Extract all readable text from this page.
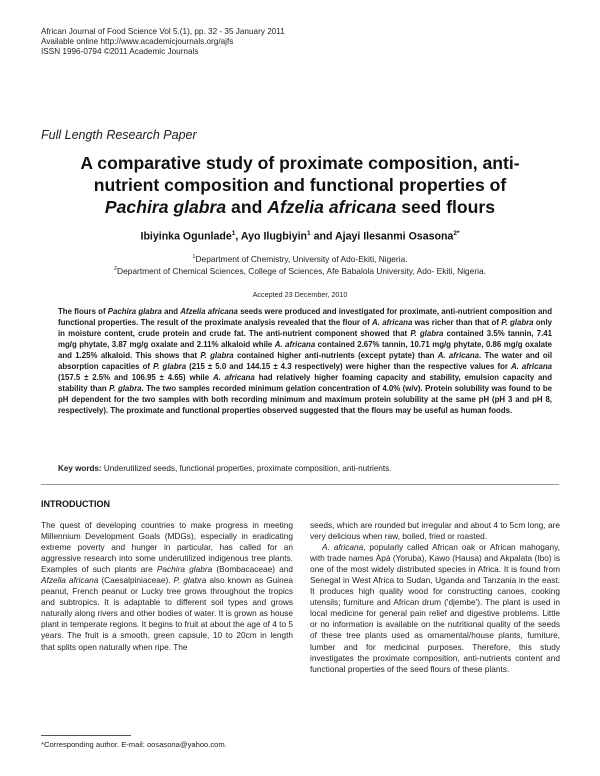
African Journal of Food Science Vol 5.(1), pp. 32 - 35 January 2011
Available online http://www.academicjournals.org/ajfs
ISSN 1996-0794 ©2011 Academic Journals
Full Length Research Paper
A comparative study of proximate composition, anti-
nutrient composition and functional properties of
Pachira glabra and Afzelia africana seed flours
Ibiyinka Ogunlade$^1$, Ayo Ilugbiyin$^1$ and Ajayi Ilesanmi Osasona$^{2*}$
$^1$Department of Chemistry, University of Ado-Ekiti, Nigeria.
$^2$Department of Chemical Sciences, College of Sciences, Afe Babalola University, Ado- Ekiti, Nigeria.
Accepted 23 December, 2010
The flours of Pachira glabra and Afzelia africana seeds were produced and investigated for proximate, anti-nutrient composition and functional properties. The result of the proximate analysis revealed that the flour of A. africana was richer than that of P. glabra only in moisture content, crude protein and crude fat. The anti-nutrient component showed that P. glabra contained 3.5% tannin, 7.41 mg/g phytate, 3.87 mg/g oxalate and 2.11% alkaloid while A. africana contained 2.67% tannin, 10.71 mg/g phytate, 0.86 mg/g oxalate and 1.25% alkaloid. This shows that P. glabra contained higher anti-nutrients (except pytate) than A. africana. The water and oil absorption capacities of P. glabra (215 ± 5.0 and 144.15 ± 4.3 respectively) were higher than the respective values for A. africana (157.5 ± 2.5% and 106.95 ± 4.65) while A. africana had relatively higher foaming capacity and stability, emulsion capacity and stability than P. glabra. The two samples recorded minimum gelation concentration of 4.0% (w/v). Protein solubility was found to be pH dependent for the two samples with both recording minimum and maximum protein solubility at the same pH (pH 3 and pH 8, respectively). The proximate and functional properties observed suggested that the flours may be useful as human foods.
Key words: Underutilized seeds, functional properties, proximate composition, anti-nutrients.
INTRODUCTION

The quest of developing countries to make progress in meeting Millennium Development Goals (MDGs), especially in eradicating extreme poverty and hunger in particular, has called for an aggressive research into some underutilized indigenous tree plants. Examples of such plants are Pachira glabra (Bombacaceae) and Afzelia africana (Caesalpiniaceae). P. glabra also known as Guinea peanut, French peanut or Lucky tree grows throughout the tropics and subtropics. It is adaptable to different soil types and grows naturally along rivers and other bodies of water. It is grown as house plant in temperate regions. It begins to fruit at about the age of 4 to 5 years. The fruit is a smooth, green capsule, 10 to 20cm in length that splits open naturally when ripe. The

seeds, which are rounded but irregular and about 4 to 5cm long, are very delicious when raw, boiled, fried or roasted.

A. africana, popularly called African oak or African mahogany, with trade names Àpá (Yoruba), Kawo (Hausa) and Akpalata (Ibo) is one of the most widely distributed species in Africa. It is found from Senegal in West Africa to Sudan, Uganda and Tanzania in the east. It produces high quality wood for constructing canoes, cooking utensils; furniture and African drum ('djembe'). The plant is used in local medicine for general pain relief and digestive problems. Little or no information is available on the nutritional quality of the seeds of these tree plants used as ornamental/house plants, furniture, lumber and for medicinal purposes. Therefore, this study investigates the proximate composition, anti-nutrients content and functional properties of the seed flours of these plants.

*Corresponding author. E-mail: oosasona@yahoo.com.
